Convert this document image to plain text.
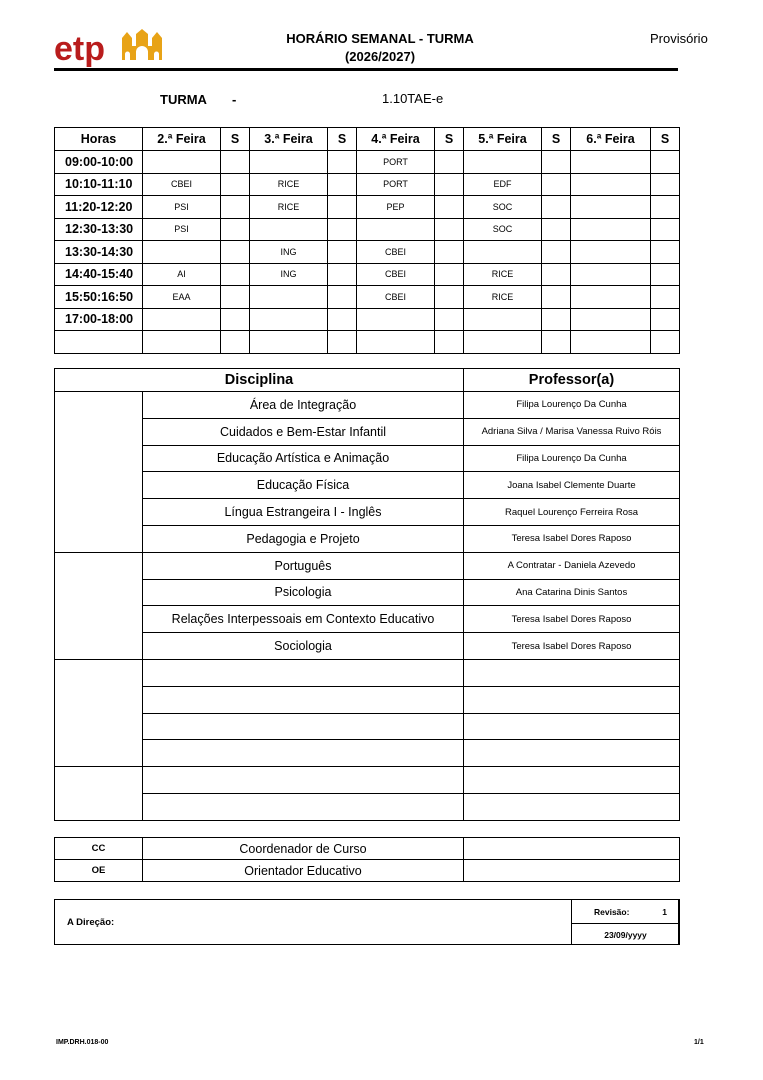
etp	HORÁRIO SEMANAL - TURMA
(2026/2027)
Provisório
TURMA -	1.10TAE-e
Horas	2.ª Feira	S	3.ª Feira	S	4.ª Feira	S	5.ª Feira	S	6.ª Feira	S
09:00-10:00					PORT					
10:10-11:10	CBEI		RICE		PORT		EDF			
11:20-12:20	PSI		RICE		PEP		SOC			
12:30-13:30	PSI						SOC			
13:30-14:30			ING		CBEI					
14:40-15:40	AI		ING		CBEI		RICE			
15:50:16:50	EAA				CBEI		RICE			
17:00-18:00										

Disciplina		Professor(a)
	Área de Integração	Filipa Lourenço Da Cunha
	Cuidados e Bem-Estar Infantil	Adriana Silva / Marisa Vanessa Ruivo Róis
	Educação Artística e Animação	Filipa Lourenço Da Cunha
	Educação Física	Joana Isabel Clemente Duarte
	Língua Estrangeira I - Inglês	Raquel Lourenço Ferreira Rosa
	Pedagogia e Projeto	Teresa Isabel Dores Raposo
	Português	A Contratar - Daniela Azevedo
	Psicologia	Ana Catarina Dinis Santos
	Relações Interpessoais em Contexto Educativo	Teresa Isabel Dores Raposo
	Sociologia	Teresa Isabel Dores Raposo

CC	Coordenador de Curso	
OE	Orientador Educativo	
A Direção:
Revisão:	1
23/09/yyyy
IMP.DRH.018-00	1/1
